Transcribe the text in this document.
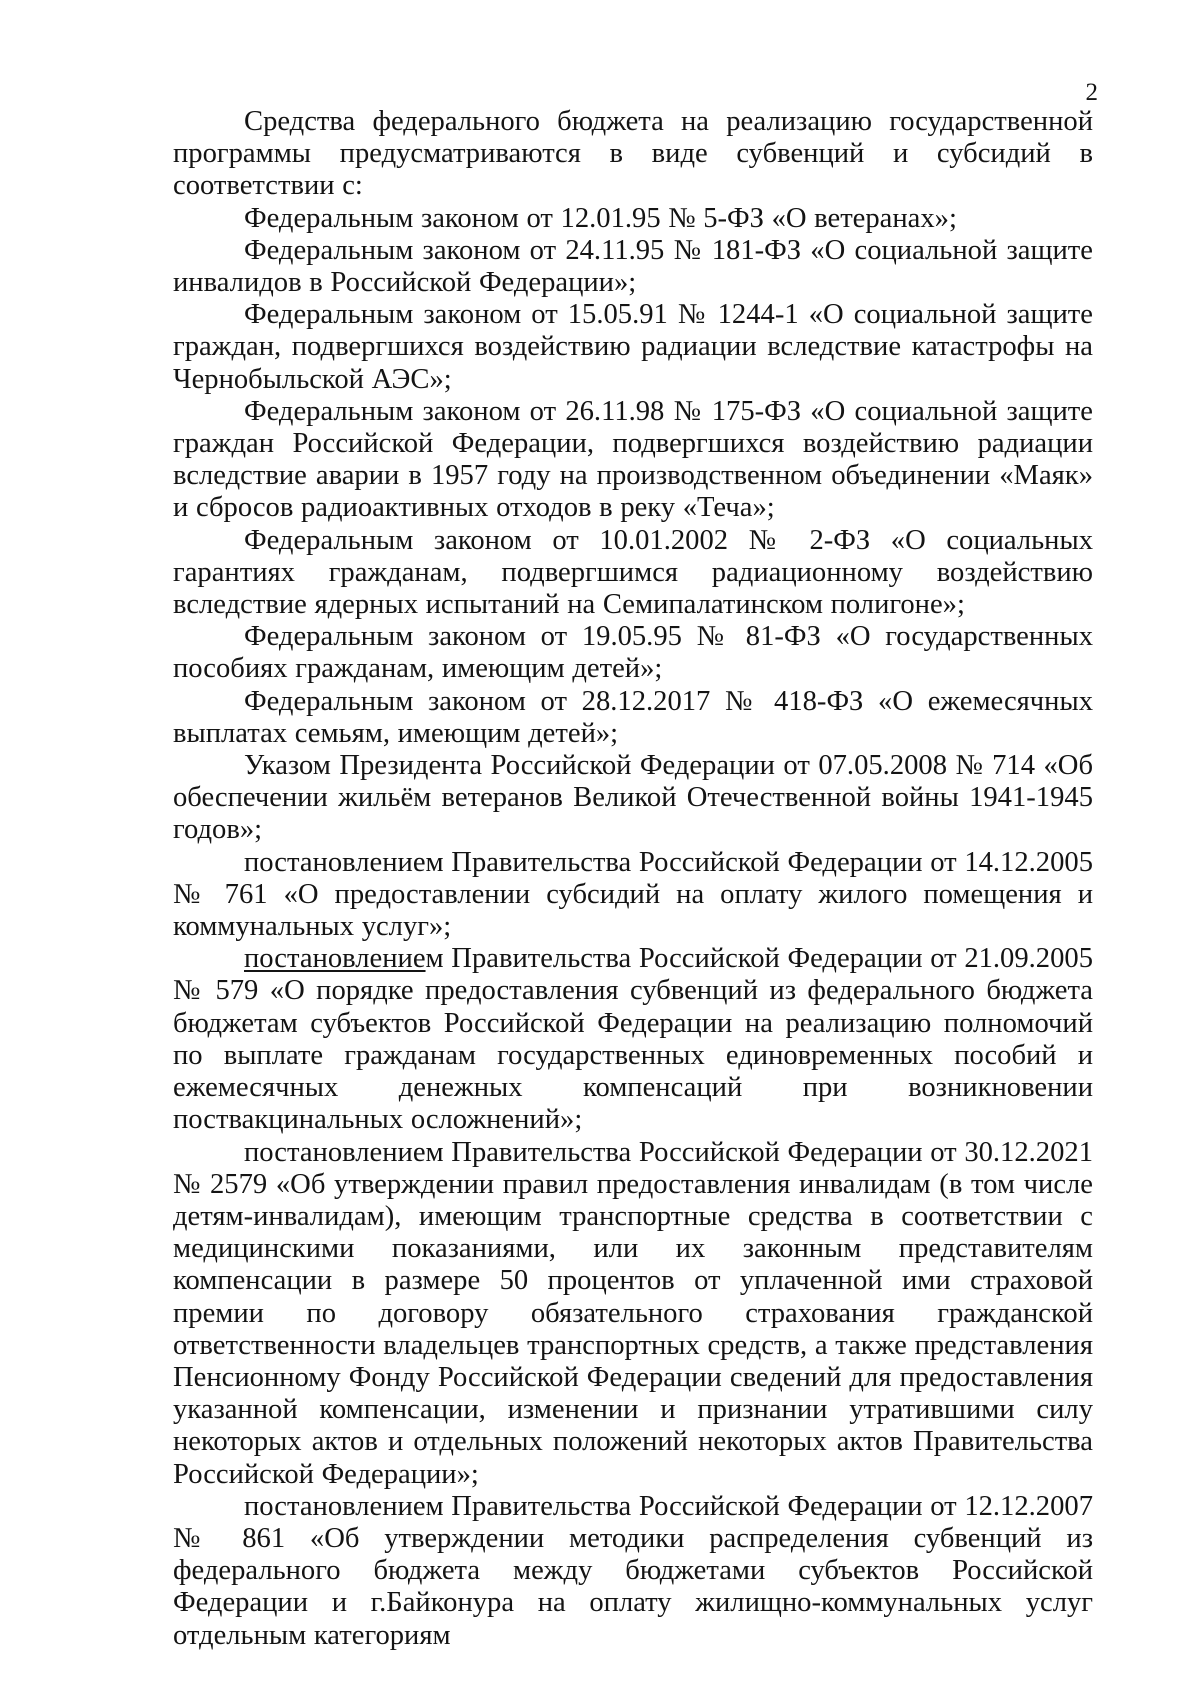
2

Средства федерального бюджета на реализацию государственной программы предусматриваются в виде субвенций и субсидий в соответствии с:

Федеральным законом от 12.01.95 № 5-ФЗ «О ветеранах»;

Федеральным законом от 24.11.95 № 181-ФЗ «О социальной защите инвалидов в Российской Федерации»;

Федеральным законом от 15.05.91 № 1244-1 «О социальной защите граждан, подвергшихся воздействию радиации вследствие катастрофы на Чернобыльской АЭС»;

Федеральным законом от 26.11.98 № 175-ФЗ «О социальной защите граждан Российской Федерации, подвергшихся воздействию радиации вследствие аварии в 1957 году на производственном объединении «Маяк» и сбросов радиоактивных отходов в реку «Теча»;

Федеральным законом от 10.01.2002 № 2-ФЗ «О социальных гарантиях гражданам, подвергшимся радиационному воздействию вследствие ядерных испытаний на Семипалатинском полигоне»;

Федеральным законом от 19.05.95 № 81-ФЗ «О государственных пособиях гражданам, имеющим детей»;

Федеральным законом от 28.12.2017 № 418-ФЗ «О ежемесячных выплатах семьям, имеющим детей»;

Указом Президента Российской Федерации от 07.05.2008 № 714 «Об обеспечении жильём ветеранов Великой Отечественной войны 1941-1945 годов»;

постановлением Правительства Российской Федерации от 14.12.2005 № 761 «О предоставлении субсидий на оплату жилого помещения и коммунальных услуг»;

постановлением Правительства Российской Федерации от 21.09.2005 № 579 «О порядке предоставления субвенций из федерального бюджета бюджетам субъектов Российской Федерации на реализацию полномочий по выплате гражданам государственных единовременных пособий и ежемесячных денежных компенсаций при возникновении поствакцинальных осложнений»;

постановлением Правительства Российской Федерации от 30.12.2021 № 2579 «Об утверждении правил предоставления инвалидам (в том числе детям-инвалидам), имеющим транспортные средства в соответствии с медицинскими показаниями, или их законным представителям компенсации в размере 50 процентов от уплаченной ими страховой премии по договору обязательного страхования гражданской ответственности владельцев транспортных средств, а также представления Пенсионному Фонду Российской Федерации сведений для предоставления указанной компенсации, изменении и признании утратившими силу некоторых актов и отдельных положений некоторых актов Правительства Российской Федерации»;

постановлением Правительства Российской Федерации от 12.12.2007 № 861 «Об утверждении методики распределения субвенций из федерального бюджета между бюджетами субъектов Российской Федерации и г.Байконура на оплату жилищно-коммунальных услуг отдельным категориям
